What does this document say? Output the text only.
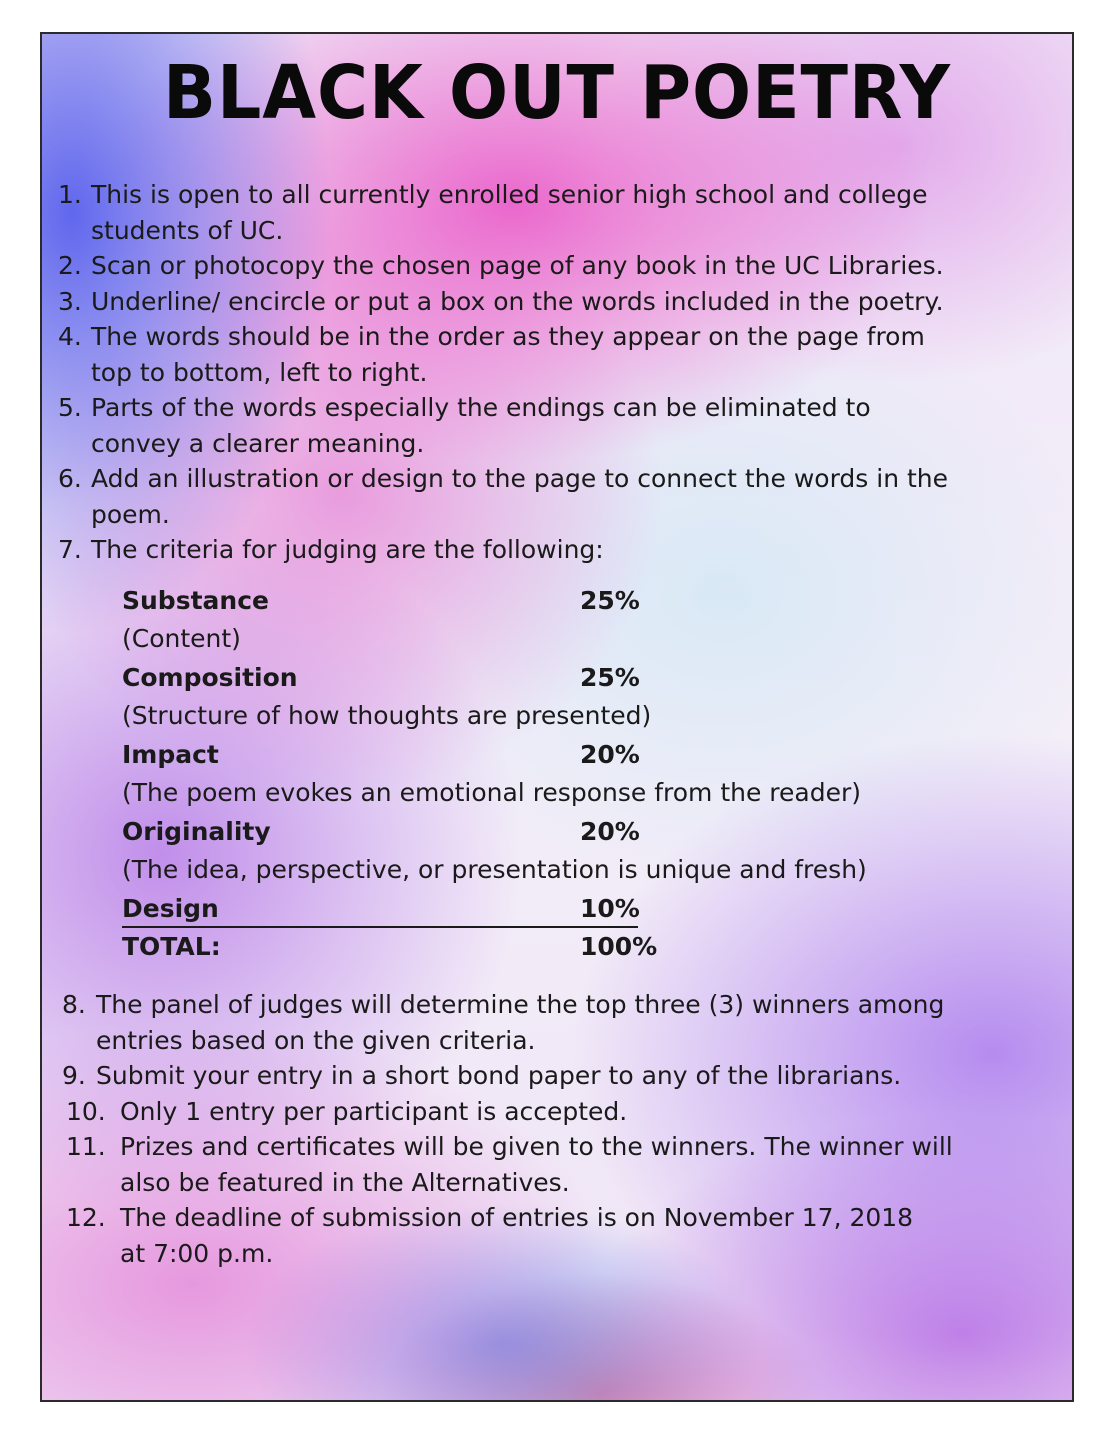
BLACK OUT POETRY
1. This is open to all currently enrolled senior high school and college
students of UC.
2. Scan or photocopy the chosen page of any book in the UC Libraries.
3. Underline/ encircle or put a box on the words included in the poetry.
4. The words should be in the order as they appear on the page from
top to bottom, left to right.
5. Parts of the words especially the endings can be eliminated to
convey a clearer meaning.
6. Add an illustration or design to the page to connect the words in the
poem.
7. The criteria for judging are the following:
Substance	25%
(Content)
Composition	25%
(Structure of how thoughts are presented)
Impact	20%
(The poem evokes an emotional response from the reader)
Originality	20%
(The idea, perspective, or presentation is unique and fresh)
Design	10%
TOTAL:	100%
8. The panel of judges will determine the top three (3) winners among
entries based on the given criteria.
9. Submit your entry in a short bond paper to any of the librarians.
10. Only 1 entry per participant is accepted.
11. Prizes and certificates will be given to the winners. The winner will
also be featured in the Alternatives.
12. The deadline of submission of entries is on November 17, 2018
at 7:00 p.m.
